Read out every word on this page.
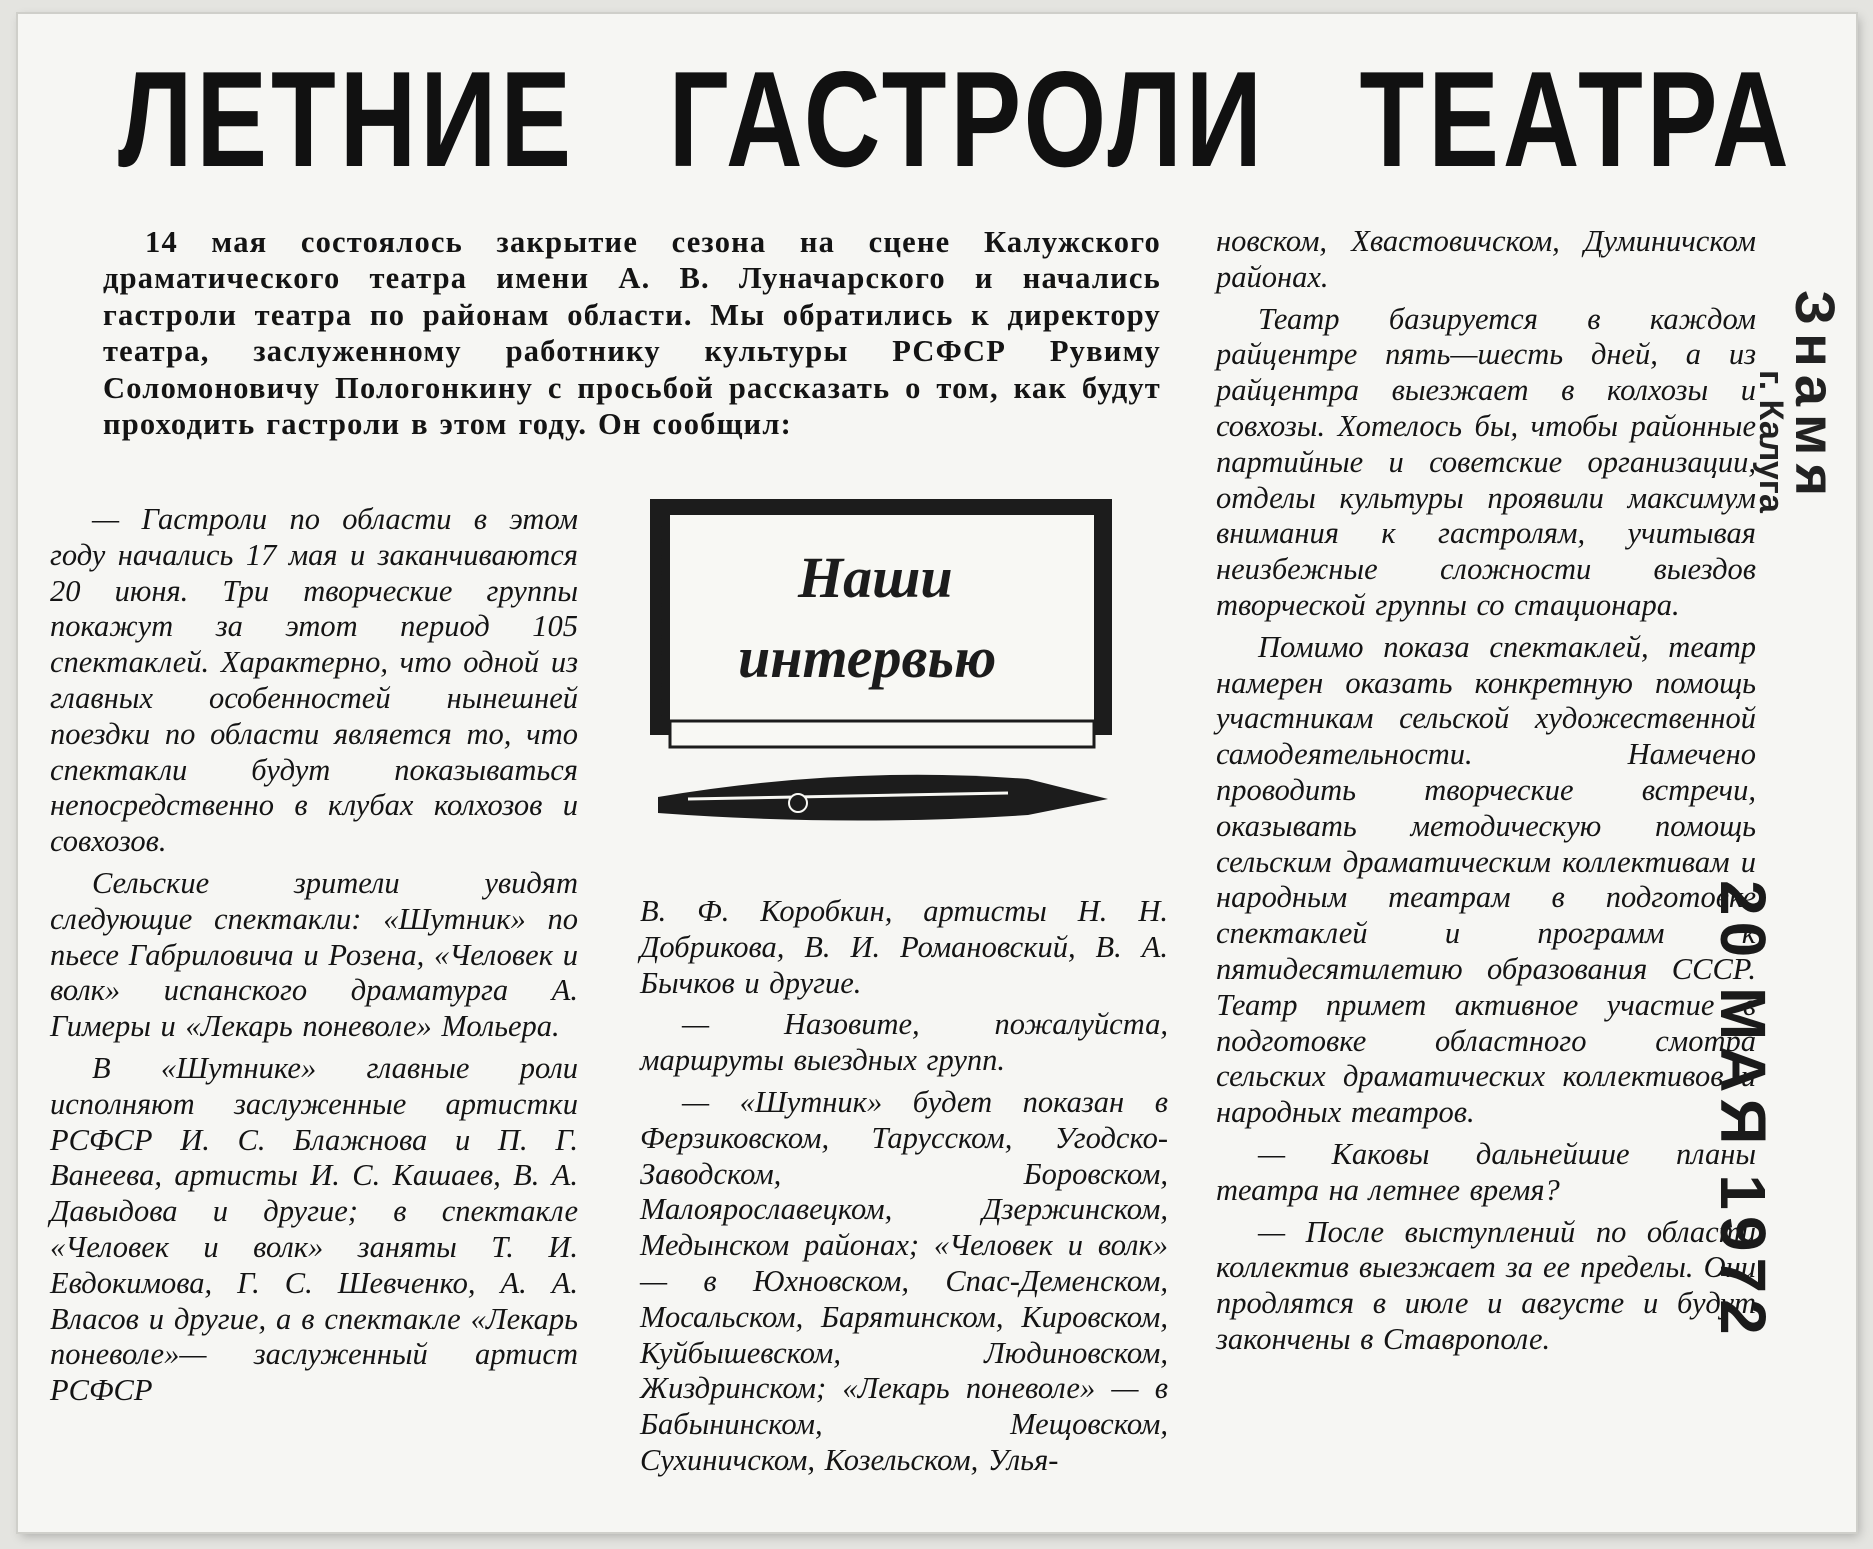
ЛЕТНИЕ ГАСТРОЛИ ТЕАТРА

14 мая состоялось закрытие сезона на сцене Калужского драматического театра имени А. В. Луначарского и начались гастроли театра по районам области. Мы обратились к директору театра, заслуженному работнику культуры РСФСР Рувиму Соломоновичу Пологонкину с просьбой рассказать о том, как будут проходить гастроли в этом году. Он сообщил:

Наши
интервью

— Гастроли по области в этом году начались 17 мая и заканчиваются 20 июня. Три творческие группы покажут за этот период 105 спектаклей. Характерно, что одной из главных особенностей нынешней поездки по области является то, что спектакли будут показываться непосредственно в клубах колхозов и совхозов.

Сельские зрители увидят следующие спектакли: «Шутник» по пьесе Габриловича и Розена, «Человек и волк» испанского драматурга А. Гимеры и «Лекарь поневоле» Мольера.

В «Шутнике» главные роли исполняют заслуженные артистки РСФСР И. С. Блажнова и П. Г. Ванеева, артисты И. С. Кашаев, В. А. Давыдова и другие; в спектакле «Человек и волк» заняты Т. И. Евдокимова, Г. С. Шевченко, А. А. Власов и другие, а в спектакле «Лекарь поневоле»— заслуженный артист РСФСР

В. Ф. Коробкин, артисты Н. Н. Добрикова, В. И. Романовский, В. А. Бычков и другие.

— Назовите, пожалуйста, маршруты выездных групп.

— «Шутник» будет показан в Ферзиковском, Тарусском, Угодско-Заводском, Боровском, Малоярославецком, Дзержинском, Медынском районах; «Человек и волк» — в Юхновском, Спас-Деменском, Мосальском, Барятинском, Кировском, Куйбышевском, Людиновском, Жиздринском; «Лекарь поневоле» — в Бабынинском, Мещовском, Сухиничском, Козельском, Улья-

новском, Хвастовичском, Думиничском районах.

Театр базируется в каждом райцентре пять—шесть дней, а из райцентра выезжает в колхозы и совхозы. Хотелось бы, чтобы районные партийные и советские организации, отделы культуры проявили максимум внимания к гастролям, учитывая неизбежные сложности выездов творческой группы со стационара.

Помимо показа спектаклей, театр намерен оказать конкретную помощь участникам сельской художественной самодеятельности. Намечено проводить творческие встречи, оказывать методическую помощь сельским драматическим коллективам и народным театрам в подготовке спектаклей и программ к пятидесятилетию образования СССР. Театр примет активное участие в подготовке областного смотра сельских драматических коллективов и народных театров.

— Каковы дальнейшие планы театра на летнее время?

— После выступлений по области коллектив выезжает за ее пределы. Они продлятся в июле и августе и будут закончены в Ставрополе.

Знамя
г. Калуга
20 МАЯ 1972
